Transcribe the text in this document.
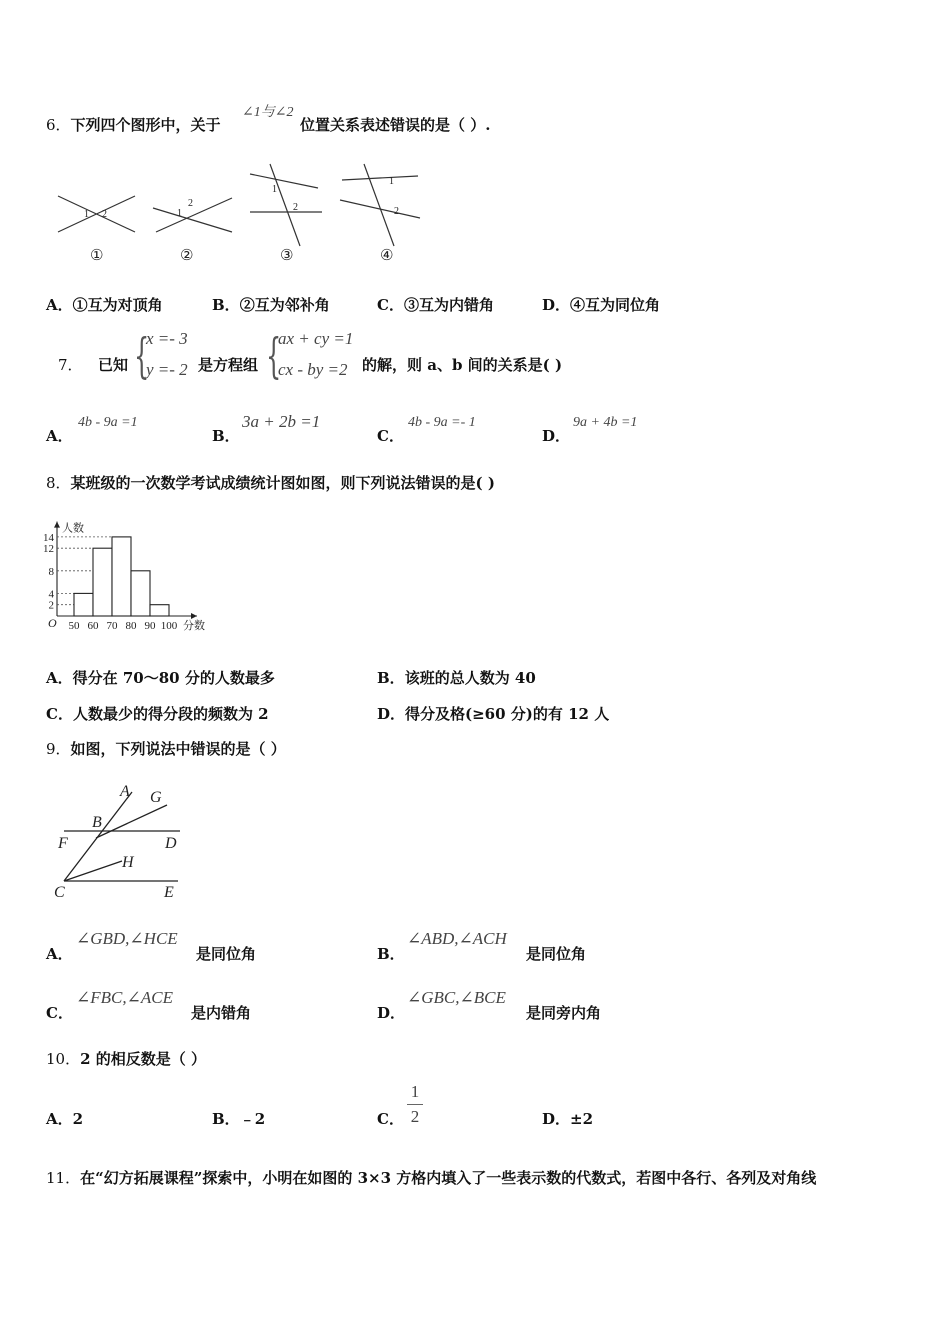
6．下列四个图形中，关于
∠1与∠2
位置关系表述错误的是（ ）.
1 2	1
2
1
2
1
2
①	②	③	④
A．①互为对顶角	B．②互为邻补角	C．③互为内错角	D．④互为同位角
7． 已知 {
x =- 3
y =- 2 是方程组 {
ax + cy =1
cx - by =2 的解，则 a、b 间的关系是( )
A．
4b - 9a =1
B．
3a + 2b =1
C．
4b - 9a =- 1
D．
9a + 4b =1
8．某班级的一次数学考试成绩统计图如图，则下列说法错误的是( )
2
4
8
12
14
50 60 70 80 90 100
O	分数
人数
A．得分在 70～80 分的人数最多	B．该班的总人数为 40
C．人数最少的得分段的频数为 2	D．得分及格(≥60 分)的有 12 人
9．如图，下列说法中错误的是（ ）
A G
B
F	D
H
C	E
A．
∠GBD,∠HCE
是同位角	B．
∠ABD,∠ACH
是同位角
C．
∠FBC,∠ACE
是内错角	D．
∠GBC,∠BCE
是同旁内角
10．2 的相反数是（ ）
A．2	B．﹣2	C．
1
2	D．±2
11．在“幻方拓展课程”探索中，小明在如图的 3×3 方格内填入了一些表示数的代数式，若图中各行、各列及对角线
